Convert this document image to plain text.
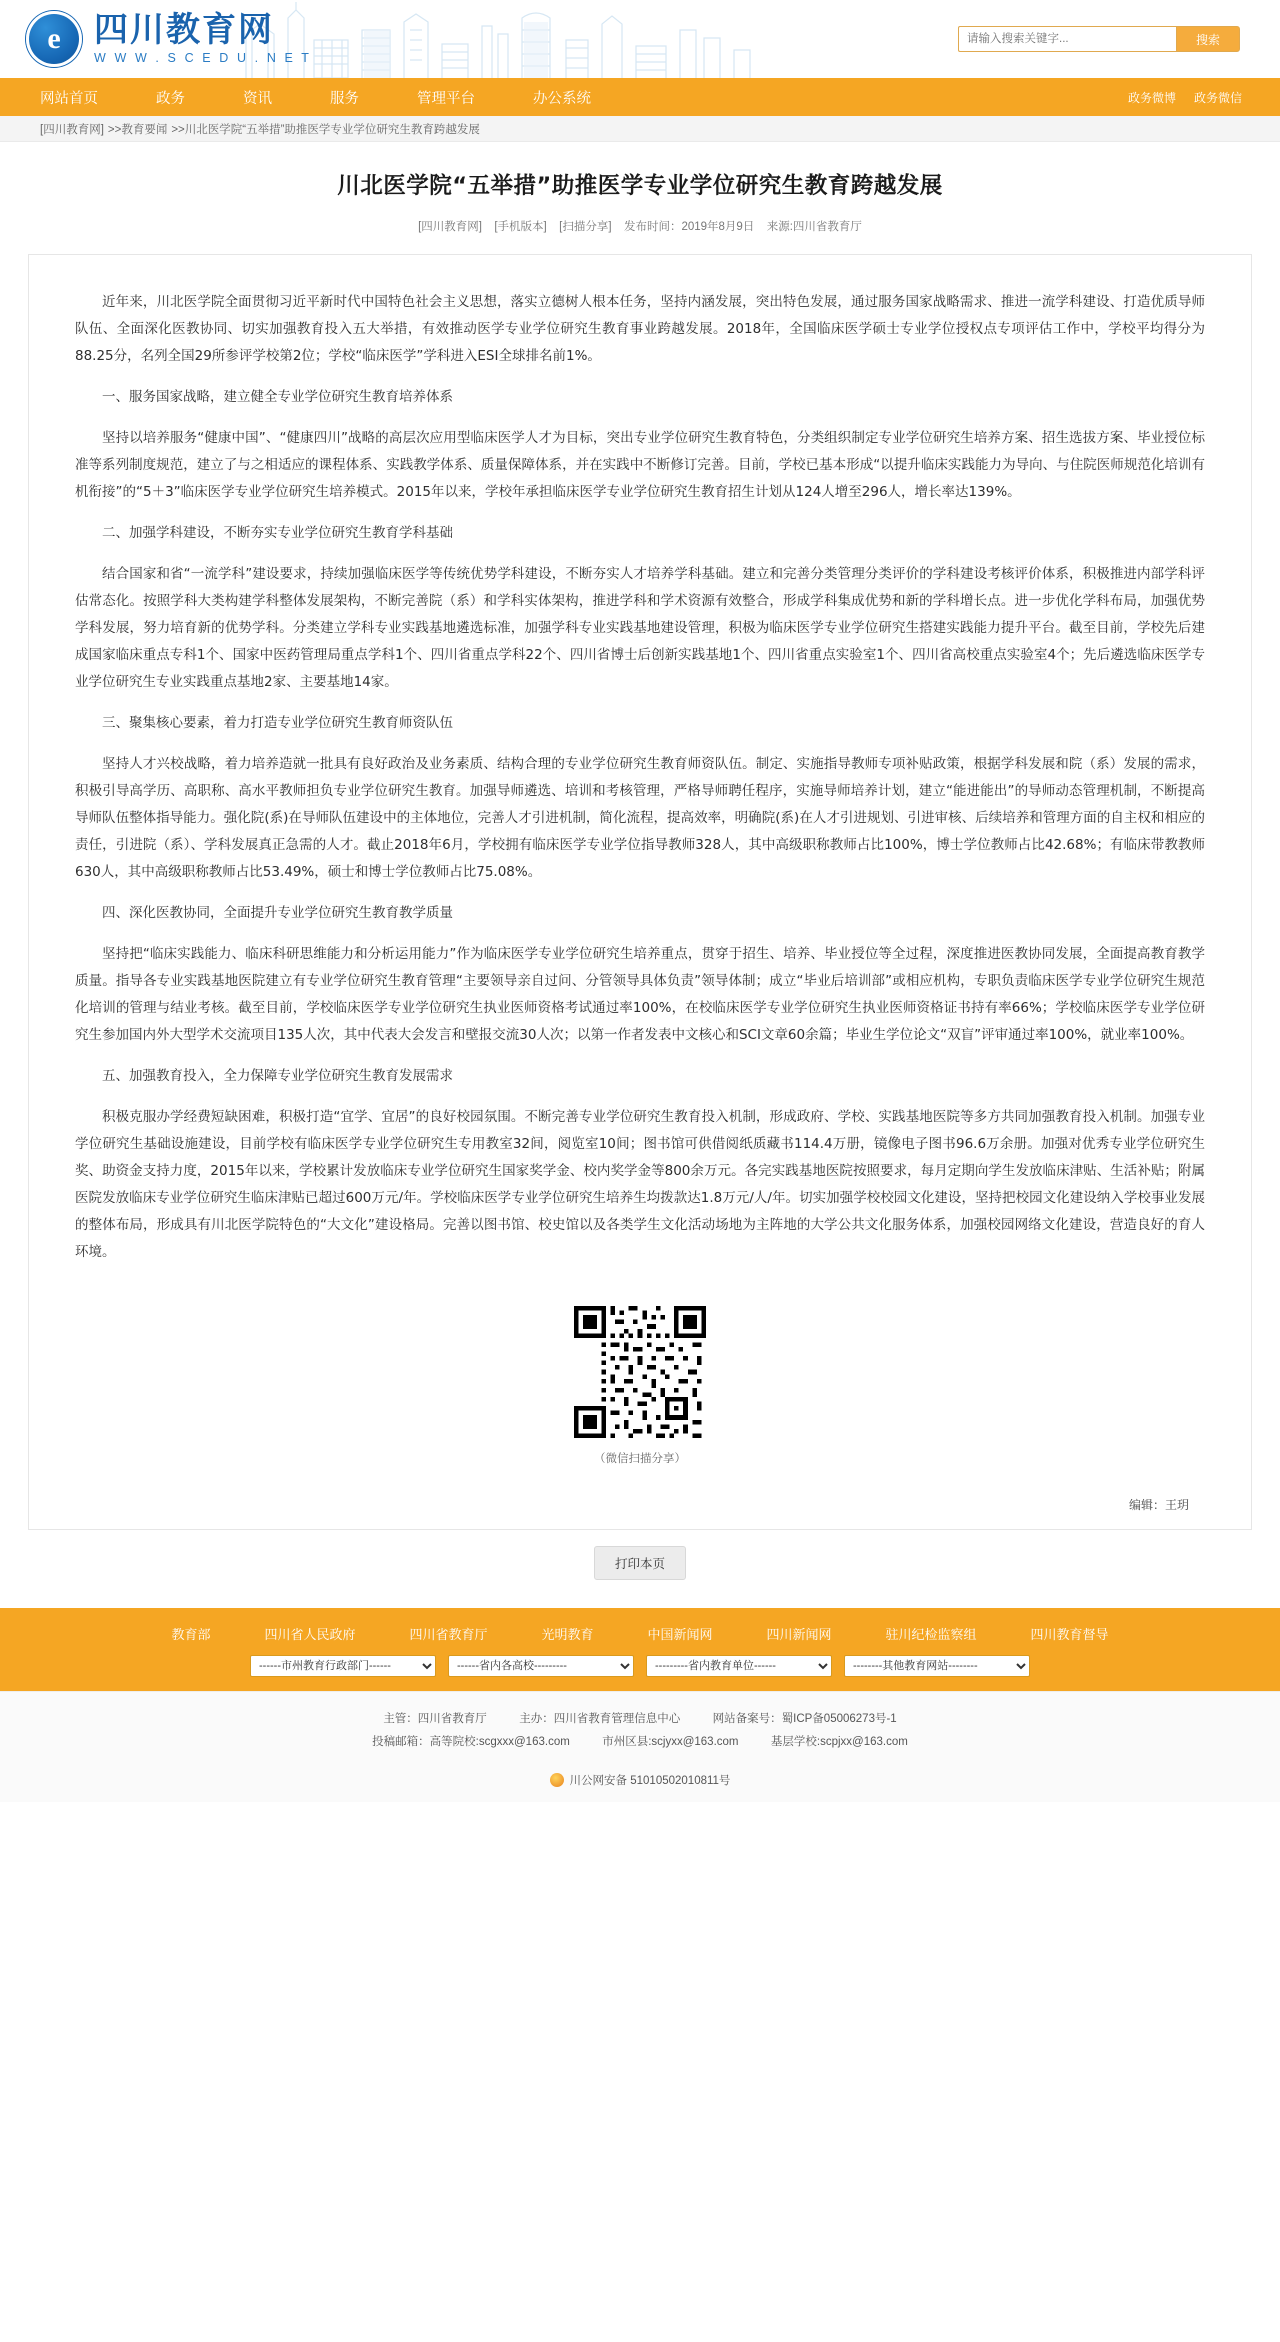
e 四川教育网
W W W . S C E D U . N E T
请输入搜索关键字...
搜索
网站首页	政务	资讯	服务	管理平台	办公系统	政务微博 政务微信
[四川教育网] >>教育要闻 >>川北医学院“五举措”助推医学专业学位研究生教育跨越发展
川北医学院“五举措”助推医学专业学位研究生教育跨越发展
[四川教育网] [手机版本] [扫描分享] 发布时间：2019年8月9日 来源:四川省教育厅

近年来，川北医学院全面贯彻习近平新时代中国特色社会主义思想，落实立德树人根本任务，坚持内涵发展，突出特色发展，通过服务国家战略需求、推进一流学科建设、打造优质导师队伍、全面深化医教协同、切实加强教育投入五大举措，有效推动医学专业学位研究生教育事业跨越发展。2018年，全国临床医学硕士专业学位授权点专项评估工作中，学校平均得分为88.25分，名列全国29所参评学校第2位；学校“临床医学”学科进入ESI全球排名前1%。

一、服务国家战略，建立健全专业学位研究生教育培养体系

坚持以培养服务“健康中国”、“健康四川”战略的高层次应用型临床医学人才为目标，突出专业学位研究生教育特色，分类组织制定专业学位研究生培养方案、招生选拔方案、毕业授位标准等系列制度规范，建立了与之相适应的课程体系、实践教学体系、质量保障体系，并在实践中不断修订完善。目前，学校已基本形成“以提升临床实践能力为导向、与住院医师规范化培训有机衔接”的“5＋3”临床医学专业学位研究生培养模式。2015年以来，学校年承担临床医学专业学位研究生教育招生计划从124人增至296人，增长率达139%。

二、加强学科建设，不断夯实专业学位研究生教育学科基础

结合国家和省“一流学科”建设要求，持续加强临床医学等传统优势学科建设，不断夯实人才培养学科基础。建立和完善分类管理分类评价的学科建设考核评价体系，积极推进内部学科评估常态化。按照学科大类构建学科整体发展架构，不断完善院（系）和学科实体架构，推进学科和学术资源有效整合，形成学科集成优势和新的学科增长点。进一步优化学科布局，加强优势学科发展，努力培育新的优势学科。分类建立学科专业实践基地遴选标准，加强学科专业实践基地建设管理，积极为临床医学专业学位研究生搭建实践能力提升平台。截至目前，学校先后建成国家临床重点专科1个、国家中医药管理局重点学科1个、四川省重点学科22个、四川省博士后创新实践基地1个、四川省重点实验室1个、四川省高校重点实验室4个；先后遴选临床医学专业学位研究生专业实践重点基地2家、主要基地14家。

三、聚集核心要素，着力打造专业学位研究生教育师资队伍

坚持人才兴校战略，着力培养造就一批具有良好政治及业务素质、结构合理的专业学位研究生教育师资队伍。制定、实施指导教师专项补贴政策，根据学科发展和院（系）发展的需求，积极引导高学历、高职称、高水平教师担负专业学位研究生教育。加强导师遴选、培训和考核管理，严格导师聘任程序，实施导师培养计划，建立“能进能出”的导师动态管理机制，不断提高导师队伍整体指导能力。强化院(系)在导师队伍建设中的主体地位，完善人才引进机制，简化流程，提高效率，明确院(系)在人才引进规划、引进审核、后续培养和管理方面的自主权和相应的责任，引进院（系）、学科发展真正急需的人才。截止2018年6月，学校拥有临床医学专业学位指导教师328人，其中高级职称教师占比100%，博士学位教师占比42.68%；有临床带教教师630人，其中高级职称教师占比53.49%，硕士和博士学位教师占比75.08%。

四、深化医教协同，全面提升专业学位研究生教育教学质量

坚持把“临床实践能力、临床科研思维能力和分析运用能力”作为临床医学专业学位研究生培养重点，贯穿于招生、培养、毕业授位等全过程，深度推进医教协同发展，全面提高教育教学质量。指导各专业实践基地医院建立有专业学位研究生教育管理“主要领导亲自过问、分管领导具体负责”领导体制；成立“毕业后培训部”或相应机构，专职负责临床医学专业学位研究生规范化培训的管理与结业考核。截至目前，学校临床医学专业学位研究生执业医师资格考试通过率100%，在校临床医学专业学位研究生执业医师资格证书持有率66%；学校临床医学专业学位研究生参加国内外大型学术交流项目135人次，其中代表大会发言和壁报交流30人次；以第一作者发表中文核心和SCI文章60余篇；毕业生学位论文“双盲”评审通过率100%，就业率100%。

五、加强教育投入，全力保障专业学位研究生教育发展需求

积极克服办学经费短缺困难，积极打造“宜学、宜居”的良好校园氛围。不断完善专业学位研究生教育投入机制，形成政府、学校、实践基地医院等多方共同加强教育投入机制。加强专业学位研究生基础设施建设，目前学校有临床医学专业学位研究生专用教室32间，阅览室10间；图书馆可供借阅纸质藏书114.4万册，镜像电子图书96.6万余册。加强对优秀专业学位研究生奖、助资金支持力度，2015年以来，学校累计发放临床专业学位研究生国家奖学金、校内奖学金等800余万元。各完实践基地医院按照要求，每月定期向学生发放临床津贴、生活补贴；附属医院发放临床专业学位研究生临床津贴已超过600万元/年。学校临床医学专业学位研究生培养生均拨款达1.8万元/人/年。切实加强学校校园文化建设，坚持把校园文化建设纳入学校事业发展的整体布局，形成具有川北医学院特色的“大文化”建设格局。完善以图书馆、校史馆以及各类学生文化活动场地为主阵地的大学公共文化服务体系，加强校园网络文化建设，营造良好的育人环境。

（微信扫描分享）
编辑：王玥
打印本页
教育部	四川省人民政府	四川省教育厅	光明教育	中国新闻网	四川新闻网	驻川纪检监察组	四川教育督导
------市州教育行政部门------
------省内各高校---------
---------省内教育单位------
--------其他教育网站--------
主管：四川省教育厅	主办：四川省教育管理信息中心	网站备案号：蜀ICP备05006273号-1
投稿邮箱：高等院校:scgxxx@163.com	市州区县:scjyxx@163.com	基层学校:scpjxx@163.com
川公网安备 51010502010811号
